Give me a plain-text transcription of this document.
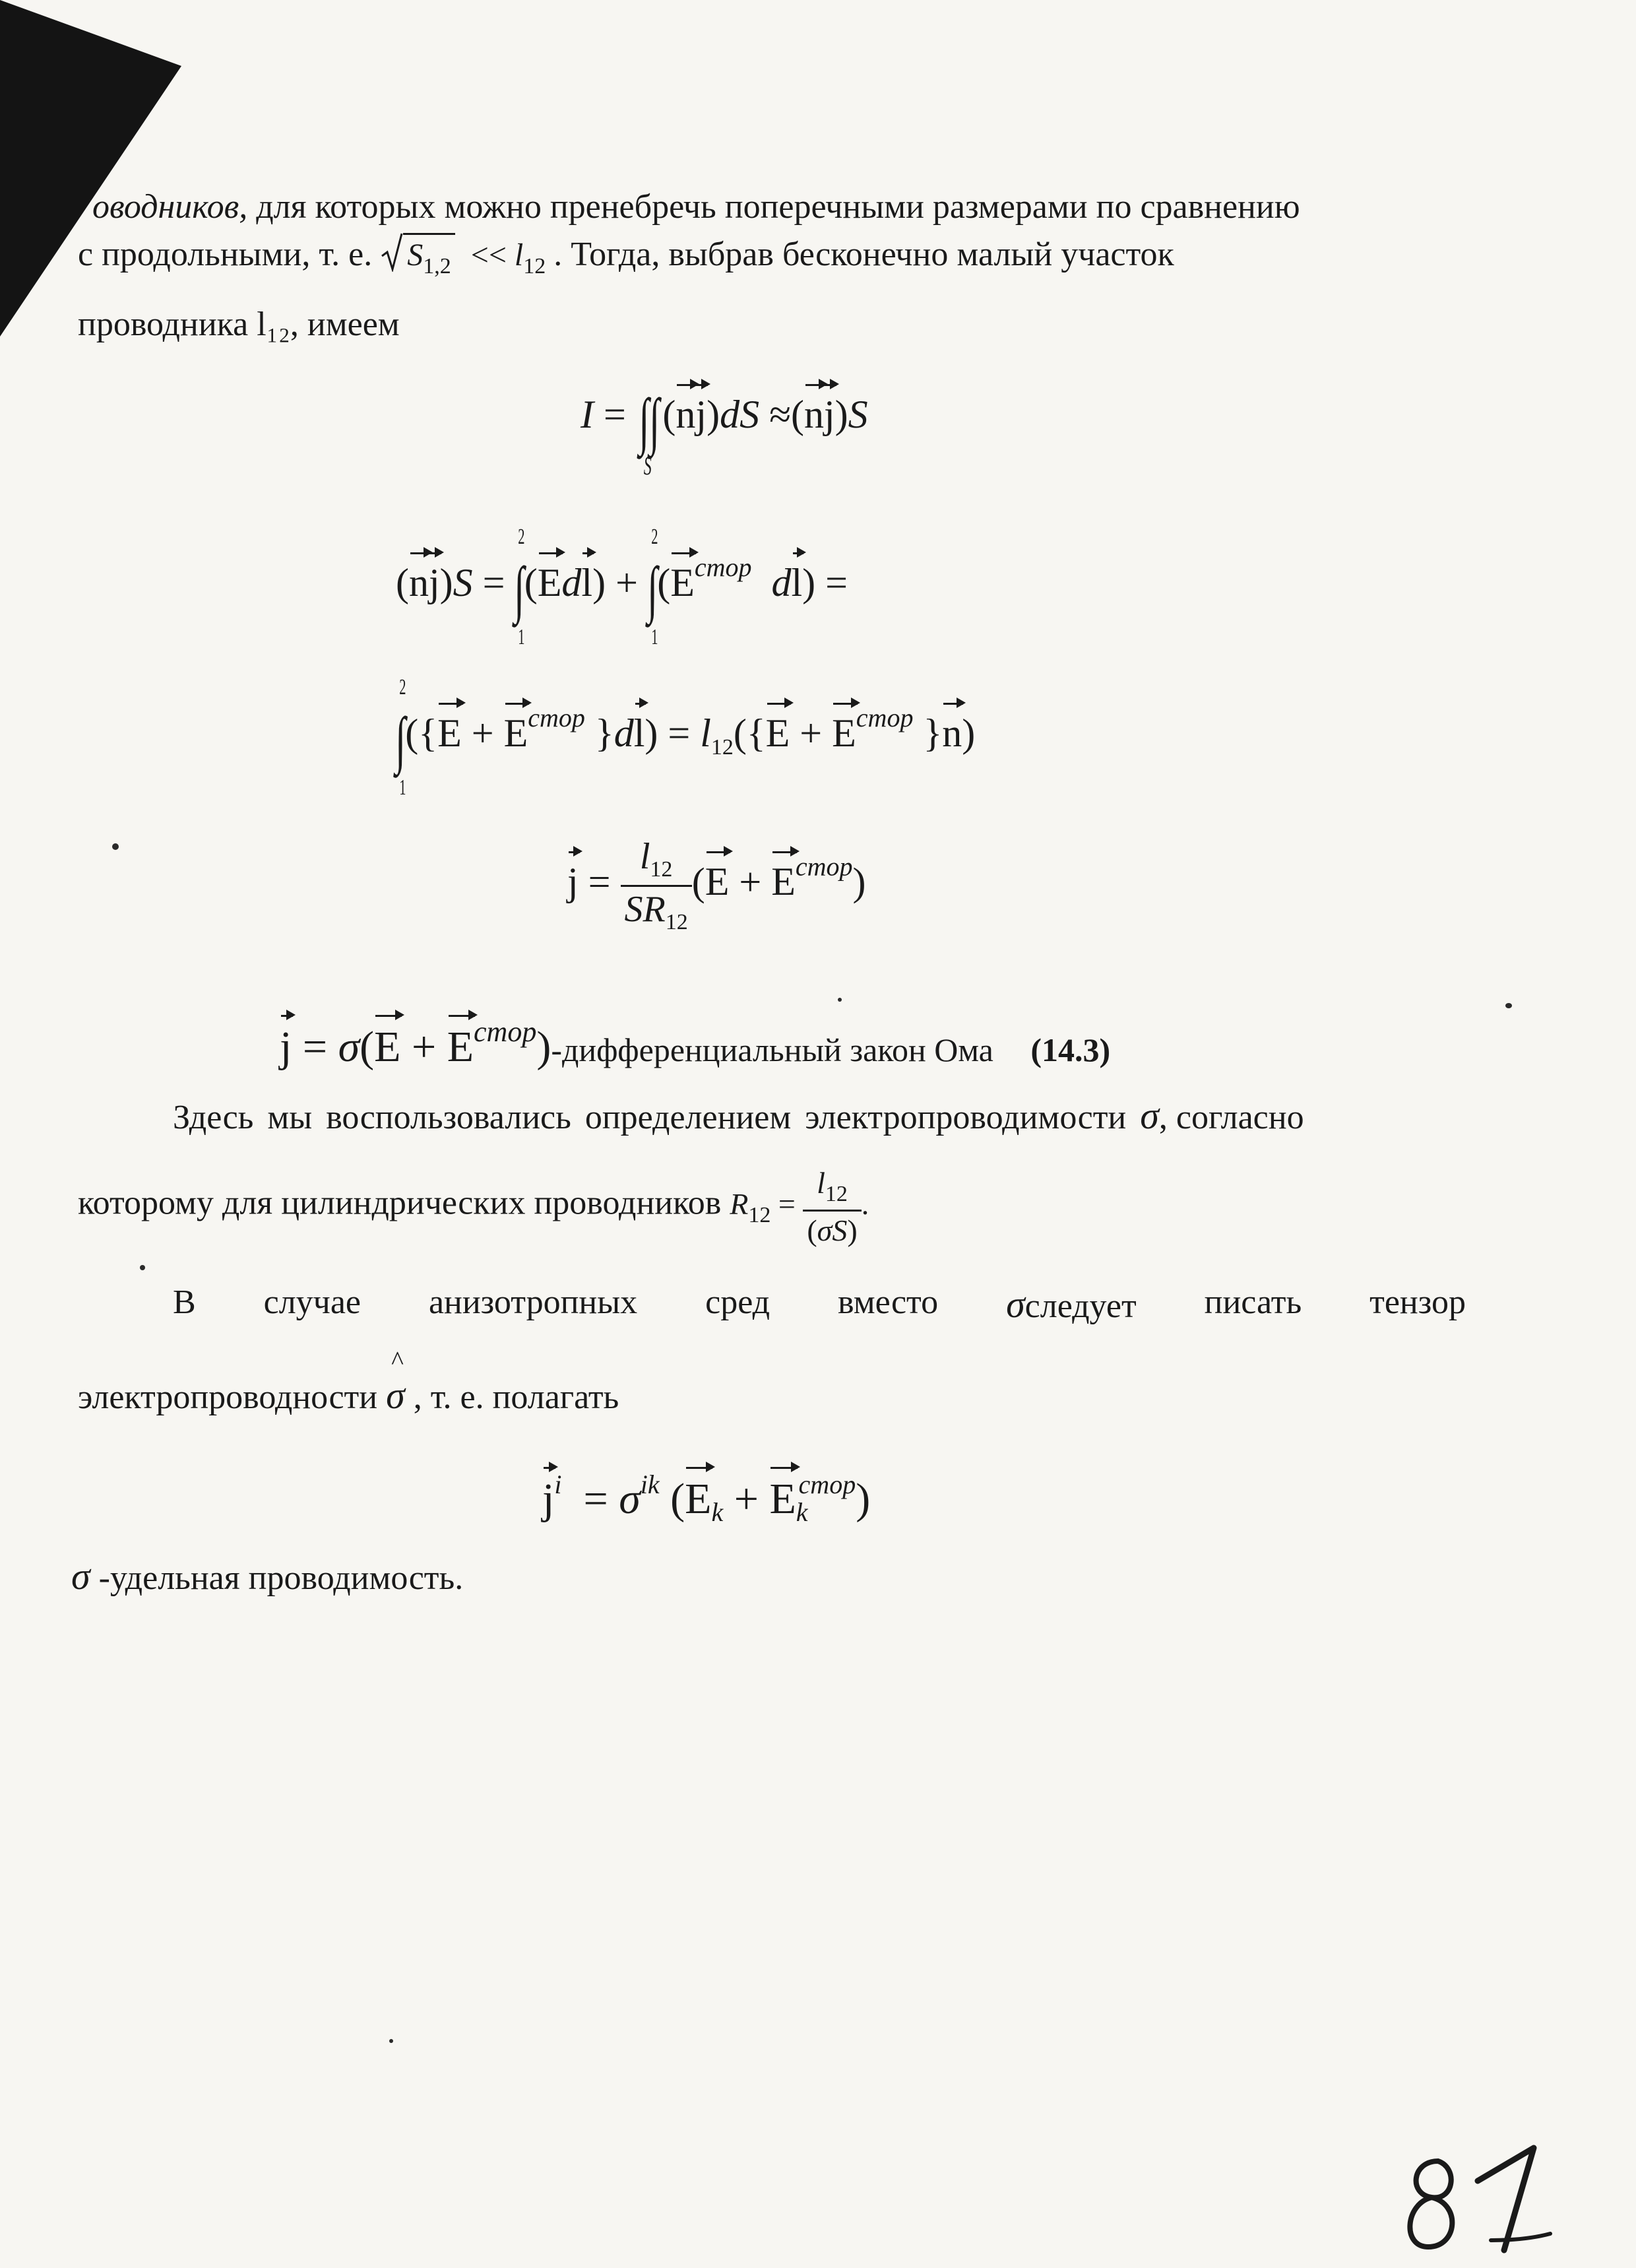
оводников, для которых можно пренебречь поперечными размерами по сравнению
с продольными, т. е. $S_{1,2} << l_{12}$ . Тогда, выбрав бесконечно малый участок
проводника l₁₂, имеем
I = ∫∫
S
(nj)dS ≈(nj)S
(nj)S = ∫
2
1
(Edl) + ∫
2
1
($E^{стор}$ dl) =
∫
2
1
({$E + E^{стор}$ }$dl) = l_{12}(\{E + E^{стор}$ }n)
$j = \frac{l_{12}}{SR_{12}} (E + E^{стор})$
$j = \sigma(E + E^{стор})$-дифференциальный закон Ома (14.3)
Здесь мы воспользовались определением электропроводимости σ, согласно
которому для цилиндрических проводников $R_{12} = \frac{l_{12}}{(\sigma S)}$ .
В случае анизотропных сред вместо σследует писать тензор
электропроводности ^ σ , т. е. полагать
$j^i = \sigma^{ik}$ $(E_k + E_k^{стор})$
σ -удельная проводимость.
